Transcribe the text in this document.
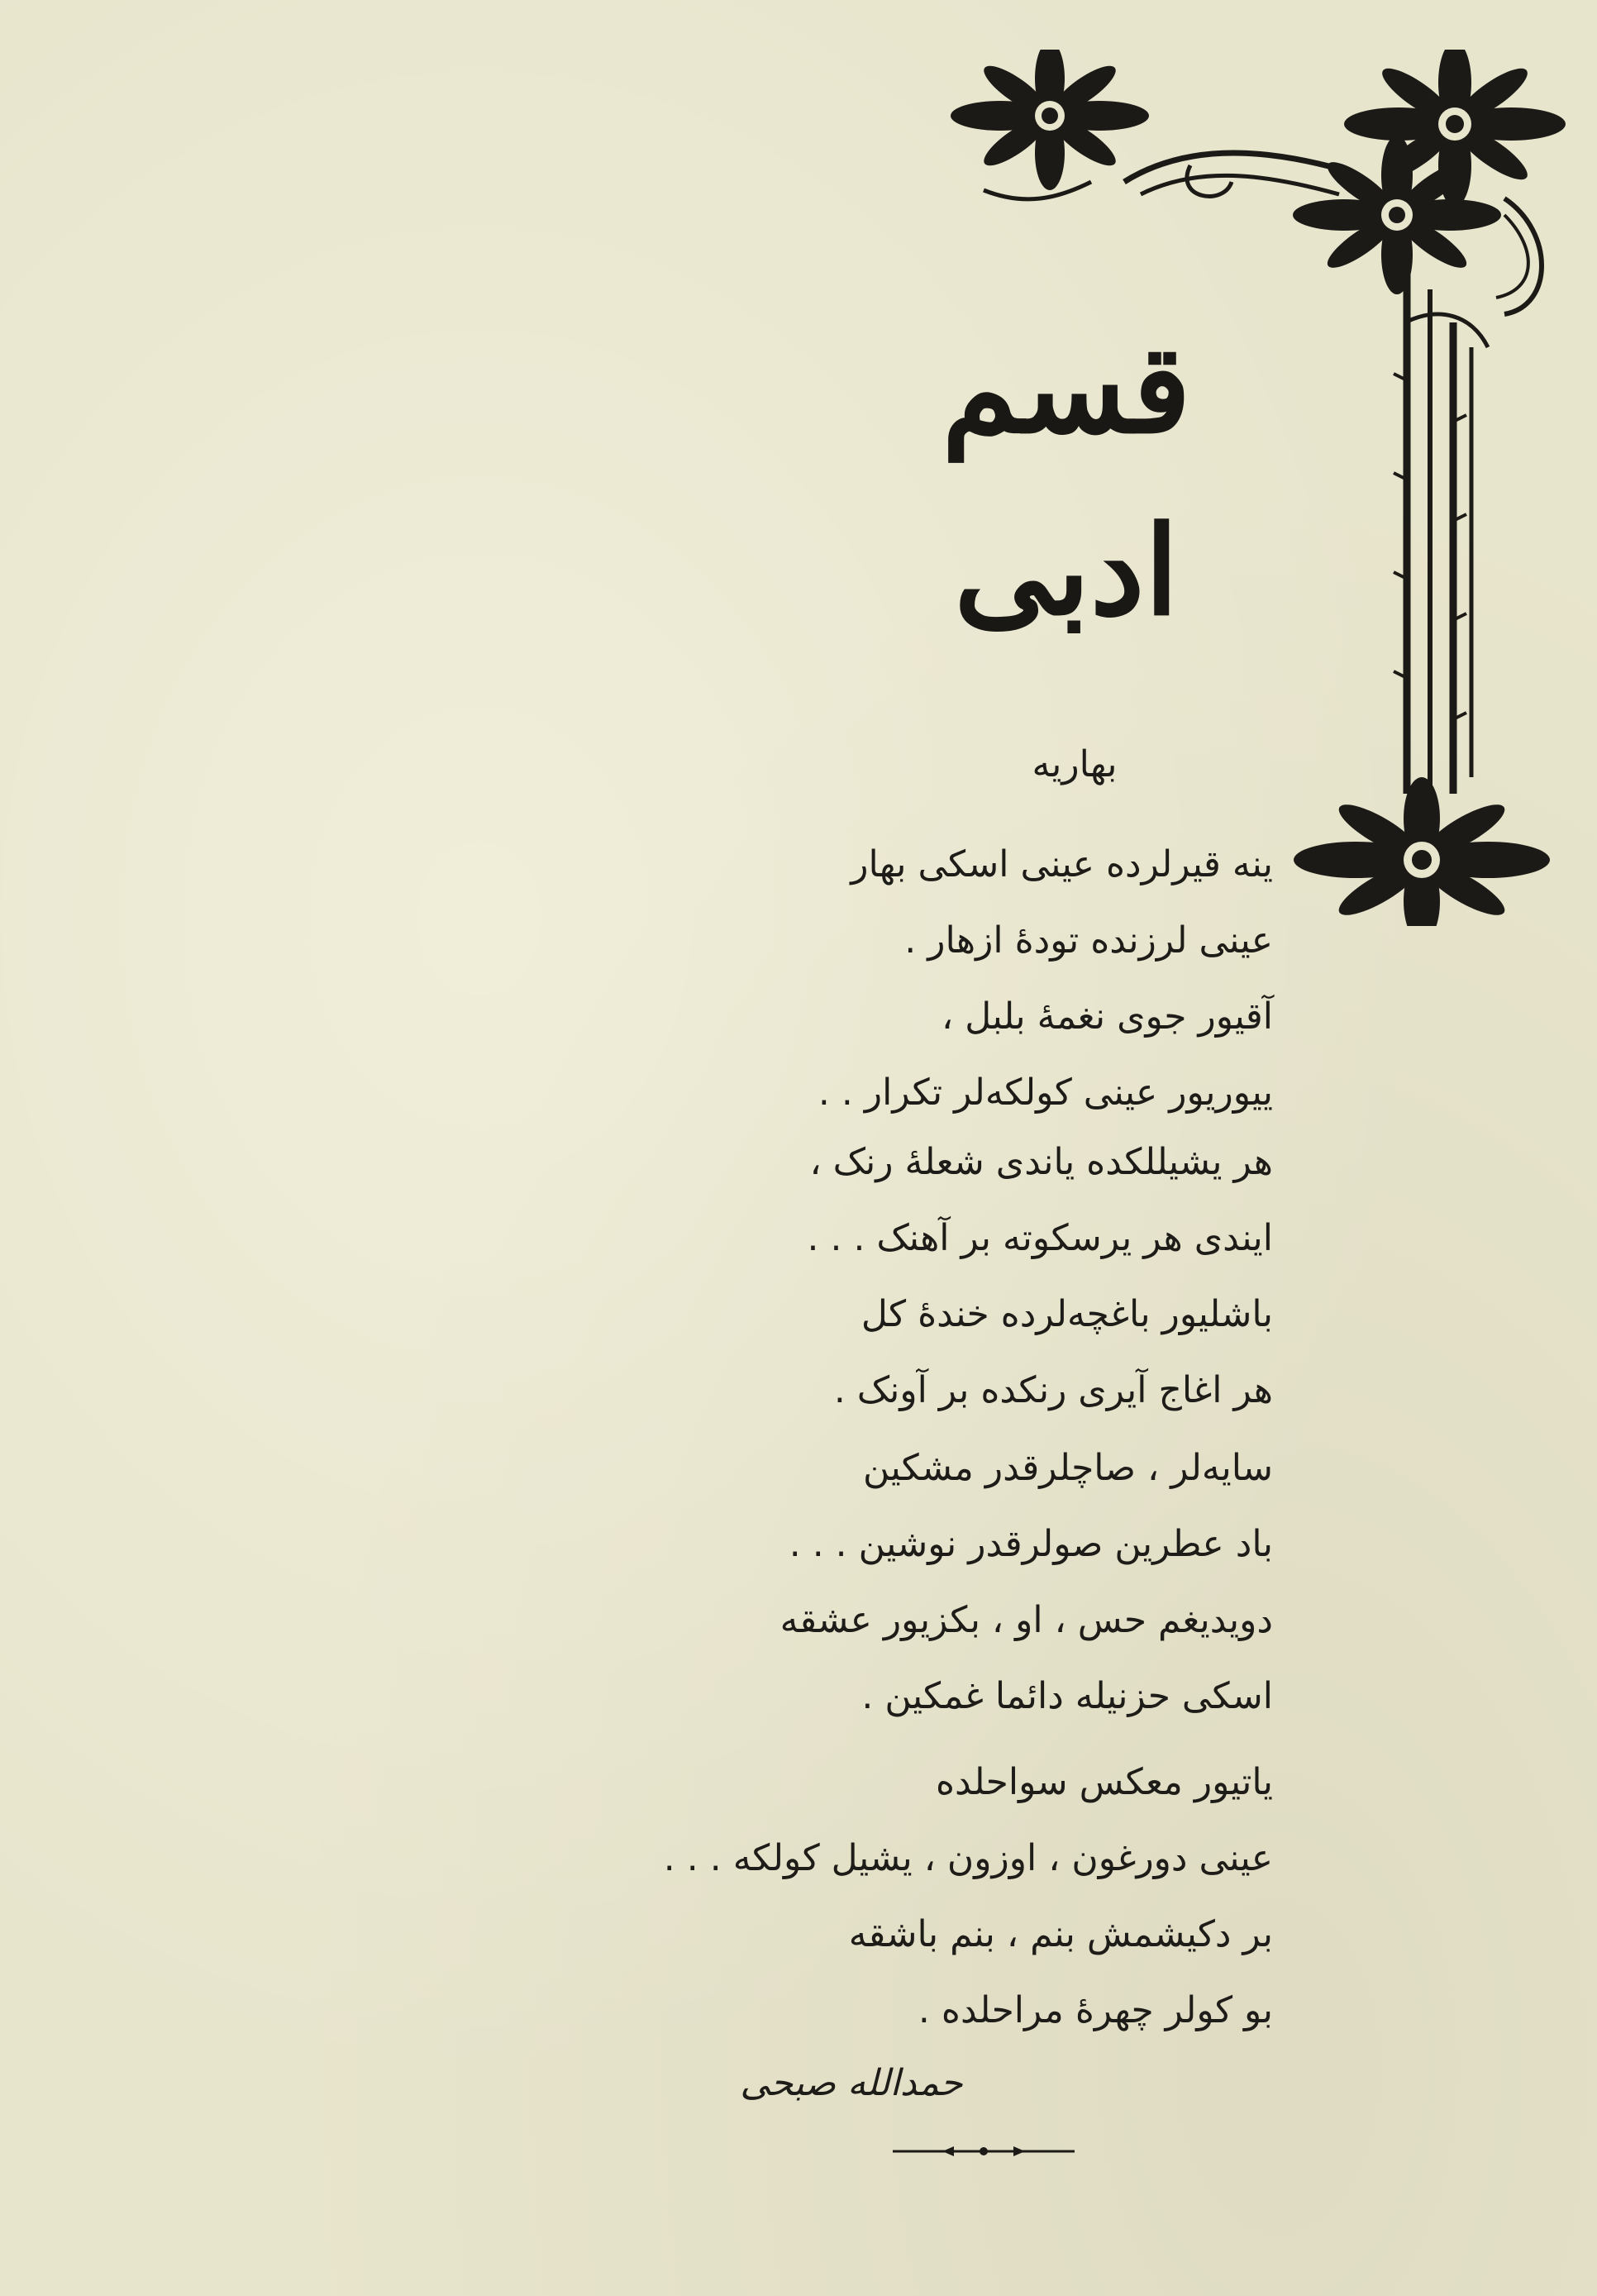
قسم ادبی
بهاریه
ینه قیرلرده عینی اسکی بهار
عینی لرزنده تودهٔ ازهار .
آقیور جوی نغمهٔ بلبل ،
ییوریور عینی کولکه‌لر تکرار . .
هر یشیللکده یاندی شعلهٔ رنک ،
ایندی هر یرسکوته بر آهنک . . .
باشلیور باغچه‌لرده خندهٔ کل
هر اغاج آیری رنکده بر آونک .
سایه‌لر ، صاچلرقدر مشکین
باد عطرین صولرقدر نوشین . . .
دویدیغم حس ، او ، بکزیور عشقه
اسکی حزنیله دائما غمکین .
یاتیور معکس سواحلده
عینی دورغون ، اوزون ، یشیل کولکه . . .
بر دکیشمش بنم ، بنم باشقه
بو کولر چهرهٔ مراحلده .
حمدالله صبحی
